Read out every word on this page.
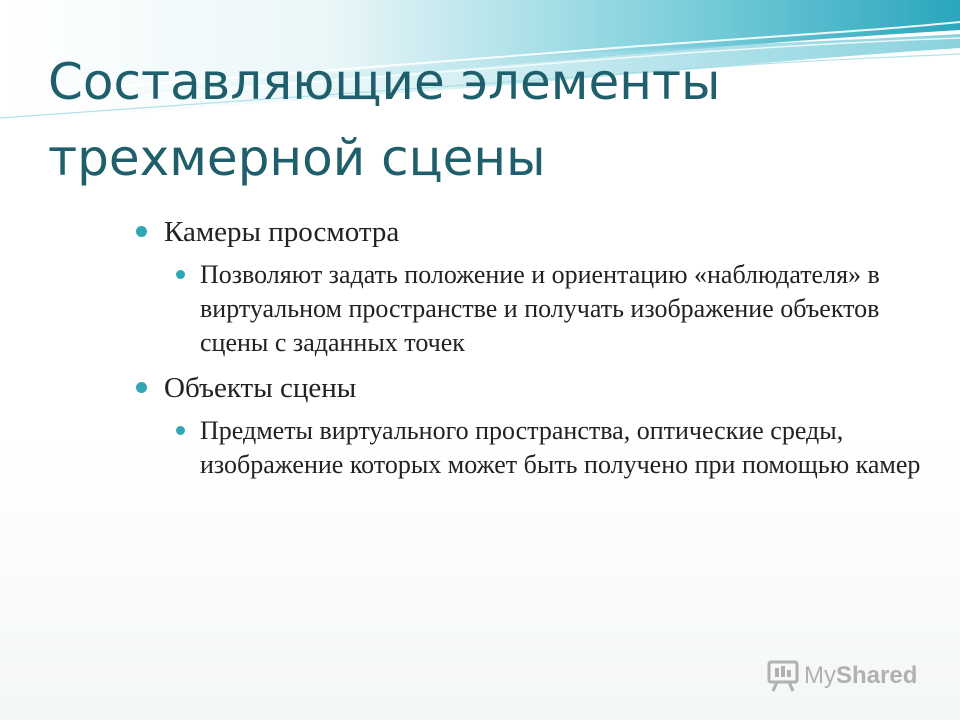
Составляющие элементы
трехмерной сцены
Камеры просмотра
Позволяют задать положение и ориентацию «наблюдателя» в виртуальном пространстве и получать изображение объектов сцены с заданных точек
Объекты сцены
Предметы виртуального пространства, оптические среды, изображение которых может быть получено при помощью камер
MyShared
